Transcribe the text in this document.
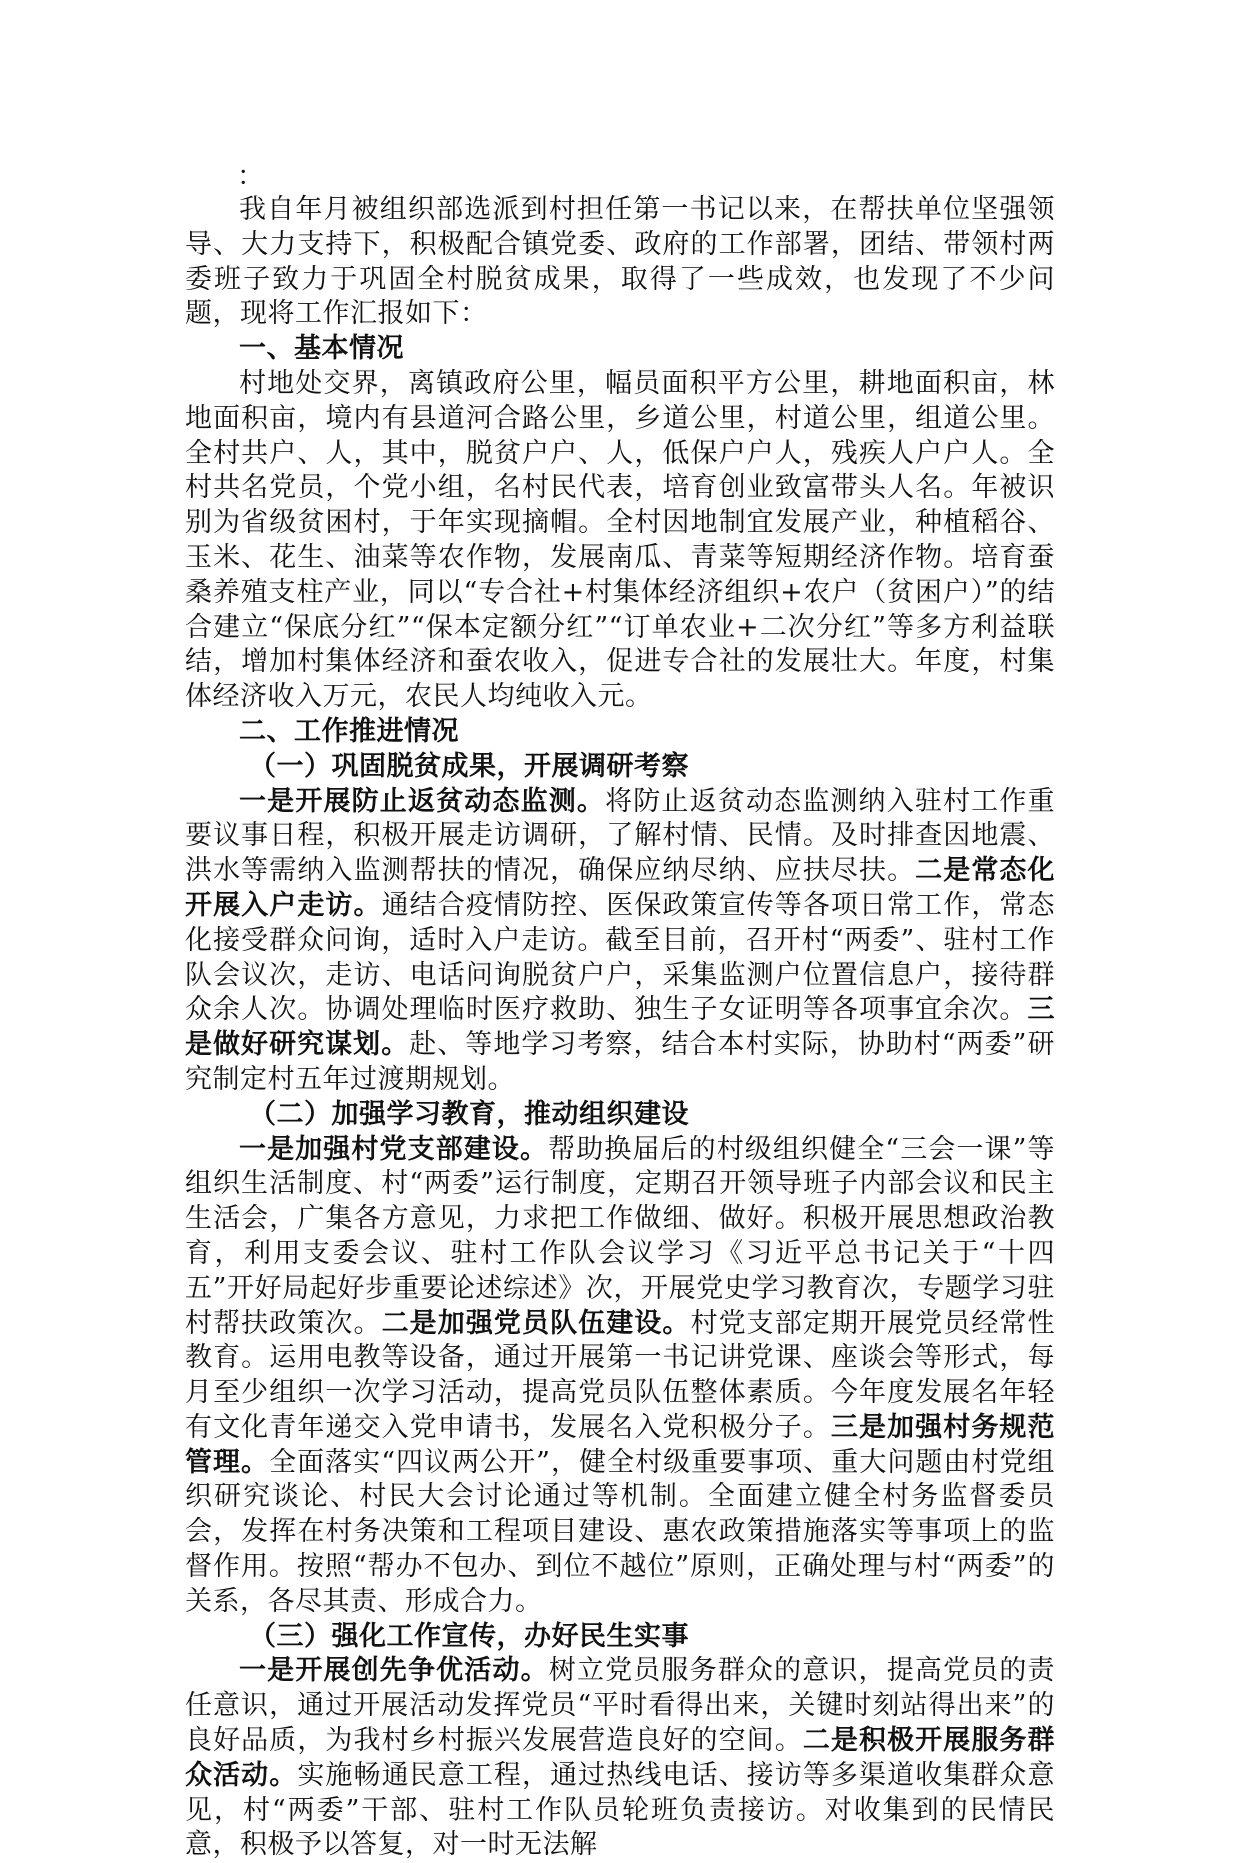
：

我自年月被组织部选派到村担任第一书记以来，在帮扶单位坚强领导、大力支持下，积极配合镇党委、政府的工作部署，团结、带领村两委班子致力于巩固全村脱贫成果，取得了一些成效，也发现了不少问题，现将工作汇报如下：

一、基本情况

村地处交界，离镇政府公里，幅员面积平方公里，耕地面积亩，林地面积亩，境内有县道河合路公里，乡道公里，村道公里，组道公里。全村共户、人，其中，脱贫户户、人，低保户户人，残疾人户户人。全村共名党员，个党小组，名村民代表，培育创业致富带头人名。年被识别为省级贫困村，于年实现摘帽。全村因地制宜发展产业，种植稻谷、玉米、花生、油菜等农作物，发展南瓜、青菜等短期经济作物。培育蚕桑养殖支柱产业，同以“专合社+村集体经济组织+农户（贫困户）”的结合建立“保底分红”“保本定额分红”“订单农业+二次分红”等多方利益联结，增加村集体经济和蚕农收入，促进专合社的发展壮大。年度，村集体经济收入万元，农民人均纯收入元。

二、工作推进情况

（一）巩固脱贫成果，开展调研考察

一是开展防止返贫动态监测。将防止返贫动态监测纳入驻村工作重要议事日程，积极开展走访调研，了解村情、民情。及时排查因地震、洪水等需纳入监测帮扶的情况，确保应纳尽纳、应扶尽扶。二是常态化开展入户走访。通结合疫情防控、医保政策宣传等各项日常工作，常态化接受群众问询，适时入户走访。截至目前，召开村“两委”、驻村工作队会议次，走访、电话问询脱贫户户，采集监测户位置信息户，接待群众余人次。协调处理临时医疗救助、独生子女证明等各项事宜余次。三是做好研究谋划。赴、等地学习考察，结合本村实际，协助村“两委”研究制定村五年过渡期规划。

（二）加强学习教育，推动组织建设

一是加强村党支部建设。帮助换届后的村级组织健全“三会一课”等组织生活制度、村“两委”运行制度，定期召开领导班子内部会议和民主生活会，广集各方意见，力求把工作做细、做好。积极开展思想政治教育，利用支委会议、驻村工作队会议学习《习近平总书记关于“十四五”开好局起好步重要论述综述》次，开展党史学习教育次，专题学习驻村帮扶政策次。二是加强党员队伍建设。村党支部定期开展党员经常性教育。运用电教等设备，通过开展第一书记讲党课、座谈会等形式，每月至少组织一次学习活动，提高党员队伍整体素质。今年度发展名年轻有文化青年递交入党申请书，发展名入党积极分子。三是加强村务规范管理。全面落实“四议两公开”，健全村级重要事项、重大问题由村党组织研究谈论、村民大会讨论通过等机制。全面建立健全村务监督委员会，发挥在村务决策和工程项目建设、惠农政策措施落实等事项上的监督作用。按照“帮办不包办、到位不越位”原则，正确处理与村“两委”的关系，各尽其责、形成合力。

（三）强化工作宣传，办好民生实事

一是开展创先争优活动。树立党员服务群众的意识，提高党员的责任意识，通过开展活动发挥党员“平时看得出来，关键时刻站得出来”的良好品质，为我村乡村振兴发展营造良好的空间。二是积极开展服务群众活动。实施畅通民意工程，通过热线电话、接访等多渠道收集群众意见，村“两委”干部、驻村工作队员轮班负责接访。对收集到的民情民意，积极予以答复，对一时无法解
